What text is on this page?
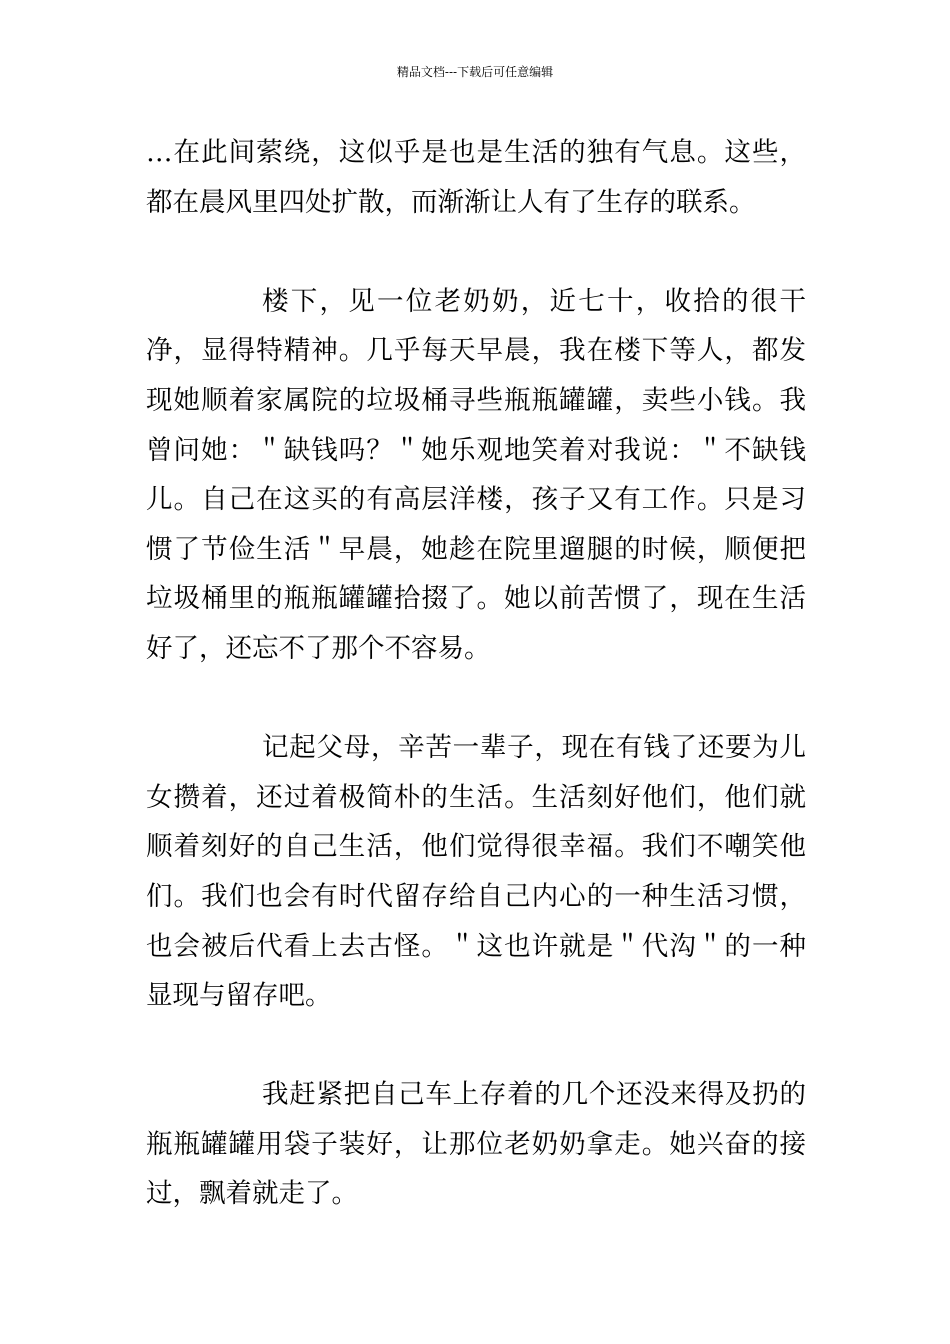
精品文档---下载后可任意编辑

…在此间萦绕，这似乎是也是生活的独有气息。这些，都在晨风里四处扩散，而渐渐让人有了生存的联系。

楼下，见一位老奶奶，近七十，收拾的很干净，显得特精神。几乎每天早晨，我在楼下等人，都发现她顺着家属院的垃圾桶寻些瓶瓶罐罐，卖些小钱。我曾问她：＂缺钱吗？＂她乐观地笑着对我说：＂不缺钱儿。自己在这买的有高层洋楼，孩子又有工作。只是习惯了节俭生活＂早晨，她趁在院里遛腿的时候，顺便把垃圾桶里的瓶瓶罐罐拾掇了。她以前苦惯了，现在生活好了，还忘不了那个不容易。

记起父母，辛苦一辈子，现在有钱了还要为儿女攒着，还过着极简朴的生活。生活刻好他们，他们就顺着刻好的自己生活，他们觉得很幸福。我们不嘲笑他们。我们也会有时代留存给自己内心的一种生活习惯，也会被后代看上去古怪。＂这也许就是＂代沟＂的一种显现与留存吧。

我赶紧把自己车上存着的几个还没来得及扔的瓶瓶罐罐用袋子装好，让那位老奶奶拿走。她兴奋的接过，飘着就走了。
